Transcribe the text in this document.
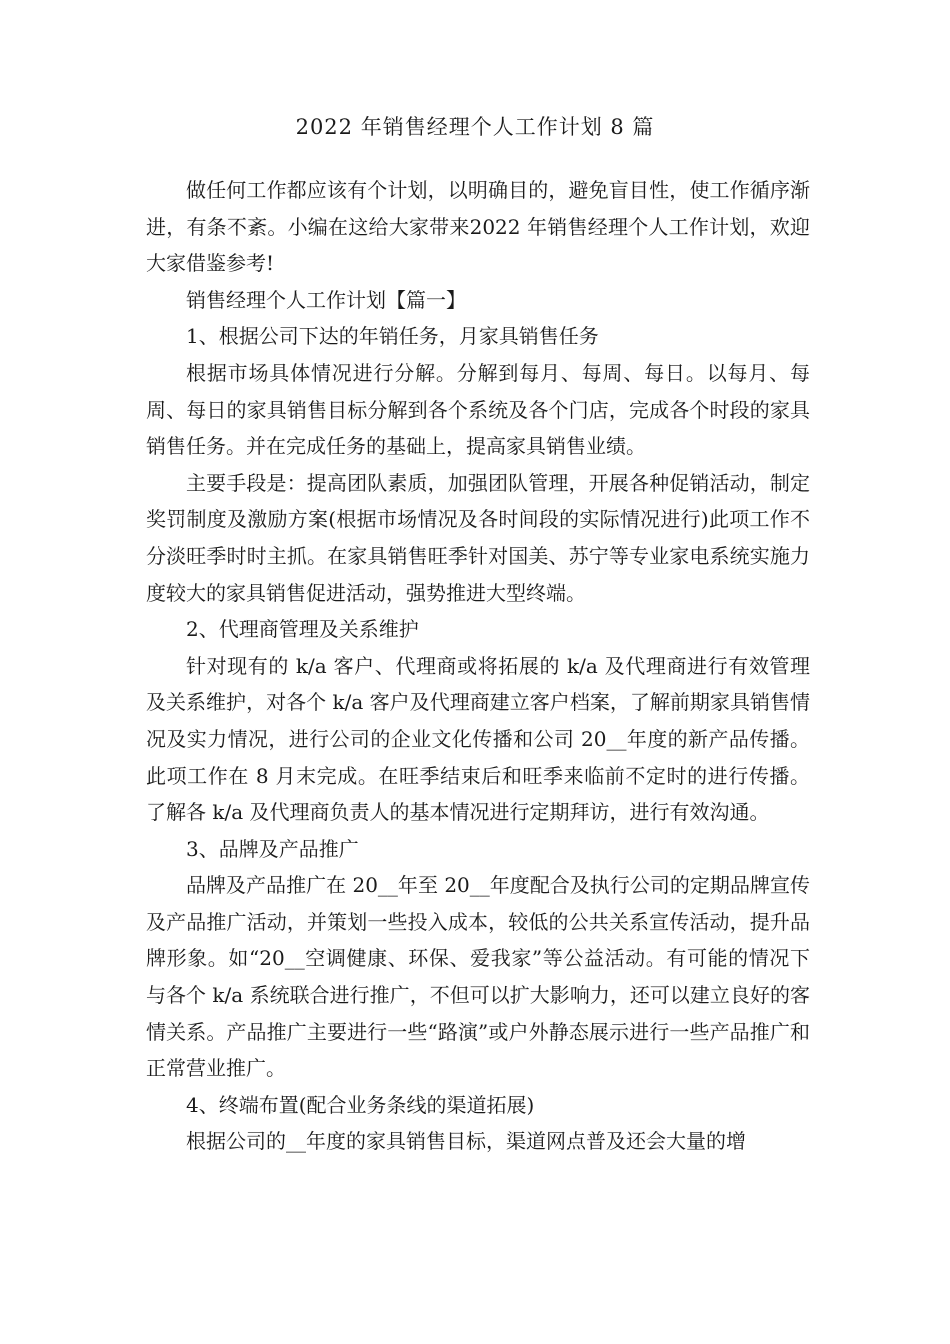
2022 年销售经理个人工作计划 8 篇

做任何工作都应该有个计划，以明确目的，避免盲目性，使工作循序渐进，有条不紊。小编在这给大家带来2022 年销售经理个人工作计划，欢迎大家借鉴参考!

销售经理个人工作计划【篇一】

1、根据公司下达的年销任务，月家具销售任务

根据市场具体情况进行分解。分解到每月、每周、每日。以每月、每周、每日的家具销售目标分解到各个系统及各个门店，完成各个时段的家具销售任务。并在完成任务的基础上，提高家具销售业绩。

主要手段是：提高团队素质，加强团队管理，开展各种促销活动，制定奖罚制度及激励方案(根据市场情况及各时间段的实际情况进行)此项工作不分淡旺季时时主抓。在家具销售旺季针对国美、苏宁等专业家电系统实施力度较大的家具销售促进活动，强势推进大型终端。

2、代理商管理及关系维护

针对现有的 k/a 客户、代理商或将拓展的 k/a 及代理商进行有效管理及关系维护，对各个 k/a 客户及代理商建立客户档案，了解前期家具销售情况及实力情况，进行公司的企业文化传播和公司 20__年度的新产品传播。此项工作在 8 月末完成。在旺季结束后和旺季来临前不定时的进行传播。了解各 k/a 及代理商负责人的基本情况进行定期拜访，进行有效沟通。

3、品牌及产品推广

品牌及产品推广在 20__年至 20__年度配合及执行公司的定期品牌宣传及产品推广活动，并策划一些投入成本，较低的公共关系宣传活动，提升品牌形象。如“20__空调健康、环保、爱我家”等公益活动。有可能的情况下与各个 k/a 系统联合进行推广，不但可以扩大影响力，还可以建立良好的客情关系。产品推广主要进行一些“路演”或户外静态展示进行一些产品推广和正常营业推广。

4、终端布置(配合业务条线的渠道拓展)

根据公司的__年度的家具销售目标，渠道网点普及还会大量的增
